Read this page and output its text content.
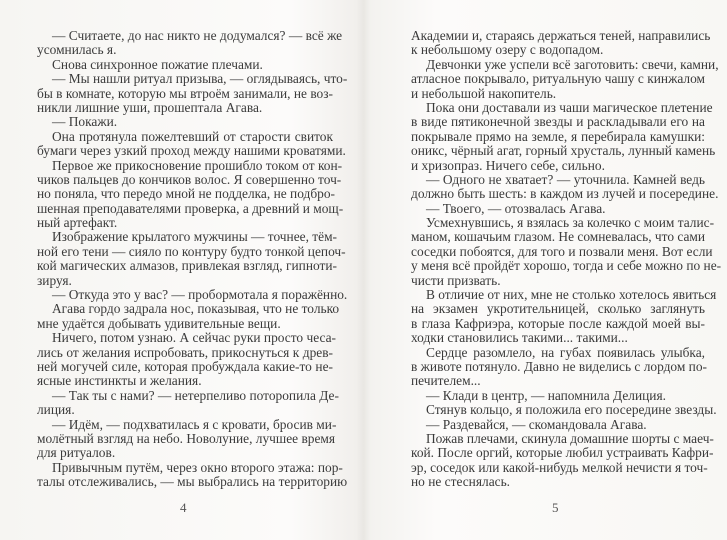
— Считаете, до нас никто не додумался? — всё же
усомнилась я.
Снова синхронное пожатие плечами.
— Мы нашли ритуал призыва, — оглядываясь, что-
бы в комнате, которую мы втроём занимали, не воз-
никли лишние уши, прошептала Агава.
— Покажи.
Она протянула пожелтевший от старости свиток
бумаги через узкий проход между нашими кроватями.
Первое же прикосновение прошибло током от кон-
чиков пальцев до кончиков волос. Я совершенно точ-
но поняла, что передо мной не подделка, не подбро-
шенная преподавателями проверка, а древний и мощ-
ный артефакт.
Изображение крылатого мужчины — точнее, тём-
ной его тени — сияло по контуру будто тонкой цепоч-
кой магических алмазов, привлекая взгляд, гипноти-
зируя.
— Откуда это у вас? — пробормотала я поражённо.
Агава гордо задрала нос, показывая, что не только
мне удаётся добывать удивительные вещи.
Ничего, потом узнаю. А сейчас руки просто чеса-
лись от желания испробовать, прикоснуться к древ-
ней могучей силе, которая пробуждала какие-то не-
ясные инстинкты и желания.
— Так ты с нами? — нетерпеливо поторопила Де-
лиция.
— Идём, — подхватилась я с кровати, бросив ми-
молётный взгляд на небо. Новолуние, лучшее время
для ритуалов.
Привычным путём, через окно второго этажа: пор-
талы отслеживались, — мы выбрались на территорию
4
Академии и, стараясь держаться теней, направились
к небольшому озеру с водопадом.
Девчонки уже успели всё заготовить: свечи, камни,
атласное покрывало, ритуальную чашу с кинжалом
и небольшой накопитель.
Пока они доставали из чаши магическое плетение
в виде пятиконечной звезды и раскладывали его на
покрывале прямо на земле, я перебирала камушки:
оникс, чёрный агат, горный хрусталь, лунный камень
и хризопраз. Ничего себе, сильно.
— Одного не хватает? — уточнила. Камней ведь
должно быть шесть: в каждом из лучей и посередине.
— Твоего, — отозвалась Агава.
Усмехнувшись, я взялась за колечко с моим талис-
маном, кошачьим глазом. Не сомневалась, что сами
соседки побоятся, для того и позвали меня. Вот если
у меня всё пройдёт хорошо, тогда и себе можно по не-
чисти призвать.
В отличие от них, мне не столько хотелось явиться
на экзамен укротительницей, сколько заглянуть
в глаза Кафриэра, которые после каждой моей вы-
ходки становились такими... такими...
Сердце разомлело, на губах появилась улыбка,
в животе потянуло. Давно не виделись с лордом по-
печителем...
— Клади в центр, — напомнила Делиция.
Стянув кольцо, я положила его посередине звезды.
— Раздевайся, — скомандовала Агава.
Пожав плечами, скинула домашние шорты с маеч-
кой. После оргий, которые любил устраивать Кафри-
эр, соседок или какой-нибудь мелкой нечисти я точ-
но не стеснялась.
5
